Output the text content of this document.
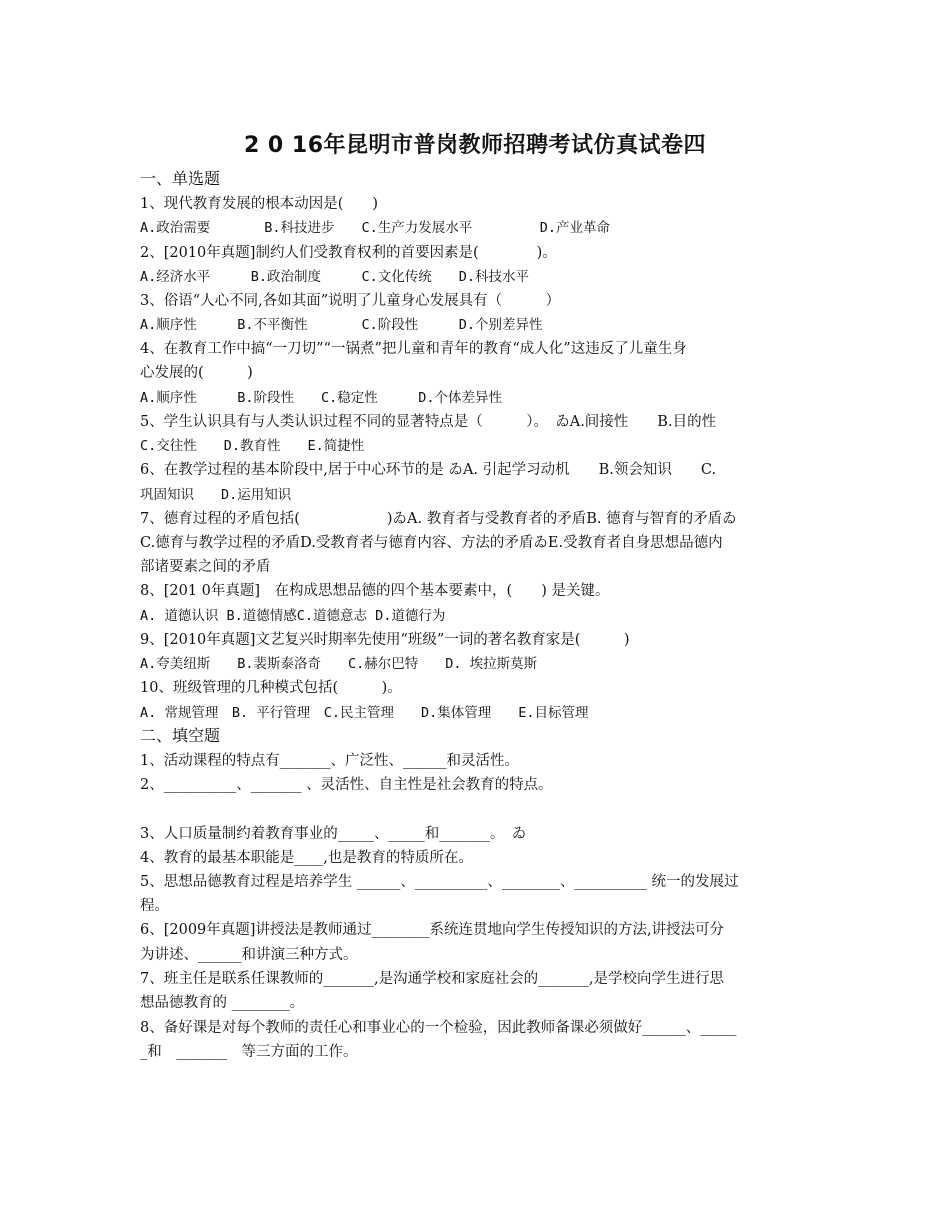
2 0 16年昆明市普岗教师招聘考试仿真试卷四
一、单选题
1、现代教育发展的根本动因是(　　)
A.政治需要　　　　B.科技进步　　C.生产力发展水平　　　　　D.产业革命
2、[2010年真题]制约人们受教育权利的首要因素是(　　　　)。
A.经济水平　　　B.政治制度　　　C.文化传统　　D.科技水平
3、俗语“人心不同,各如其面”说明了儿童身心发展具有（　　　）
A.顺序性　　　B.不平衡性　　　　C.阶段性　　　D.个别差异性
4、在教育工作中搞“一刀切”“一锅煮”把儿童和青年的教育“成人化”这违反了儿童生身
心发展的(　　　)
A.顺序性　　　B.阶段性　　C.稳定性　　　D.个体差异性
5、学生认识具有与人类认识过程不同的显著特点是（　　　）。　ゐA.间接性　　B.目的性
C.交往性　　D.教育性　　E.简捷性
6、在教学过程的基本阶段中,居于中心环节的是 ゐA. 引起学习动机　　B.领会知识　　C.
巩固知识　　D.运用知识
7、德育过程的矛盾包括(　　　　　　)ゐA. 教育者与受教育者的矛盾B. 德育与智育的矛盾ゐ
C.德育与教学过程的矛盾D.受教育者与德育内容、方法的矛盾ゐE.受教育者自身思想品德内
部诸要素之间的矛盾
8、[201 0年真题]　在构成思想品德的四个基本要素中，(　　) 是关键。
A. 道德认识 B.道德情感C.道德意志 D.道德行为
9、[2010年真题]文艺复兴时期率先使用“班级”一词的著名教育家是(　　　)
A.夸美纽斯　　B.裴斯泰洛奇　　C.赫尔巴特　　D. 埃拉斯莫斯
10、班级管理的几种模式包括(　　　)。
A. 常规管理　B. 平行管理　C.民主管理　　D.集体管理　　E.目标管理
二、填空题
1、活动课程的特点有_______、广泛性、______和灵活性。
2、__________、_______ 、灵活性、自主性是社会教育的特点。
3、人口质量制约着教育事业的_____、_____和_______。　ゐ
4、教育的最基本职能是____,也是教育的特质所在。
5、思想品德教育过程是培养学生 ______、__________、________、__________ 统一的发展过
程。
6、[2009年真题]讲授法是教师通过________系统连贯地向学生传授知识的方法,讲授法可分
为讲述、______和讲演三种方式。
7、班主任是联系任课教师的_______,是沟通学校和家庭社会的_______,是学校向学生进行思
想品德教育的 ________。
8、备好课是对每个教师的责任心和事业心的一个检验，因此教师备课必须做好______、_____
_和　_______　等三方面的工作。
